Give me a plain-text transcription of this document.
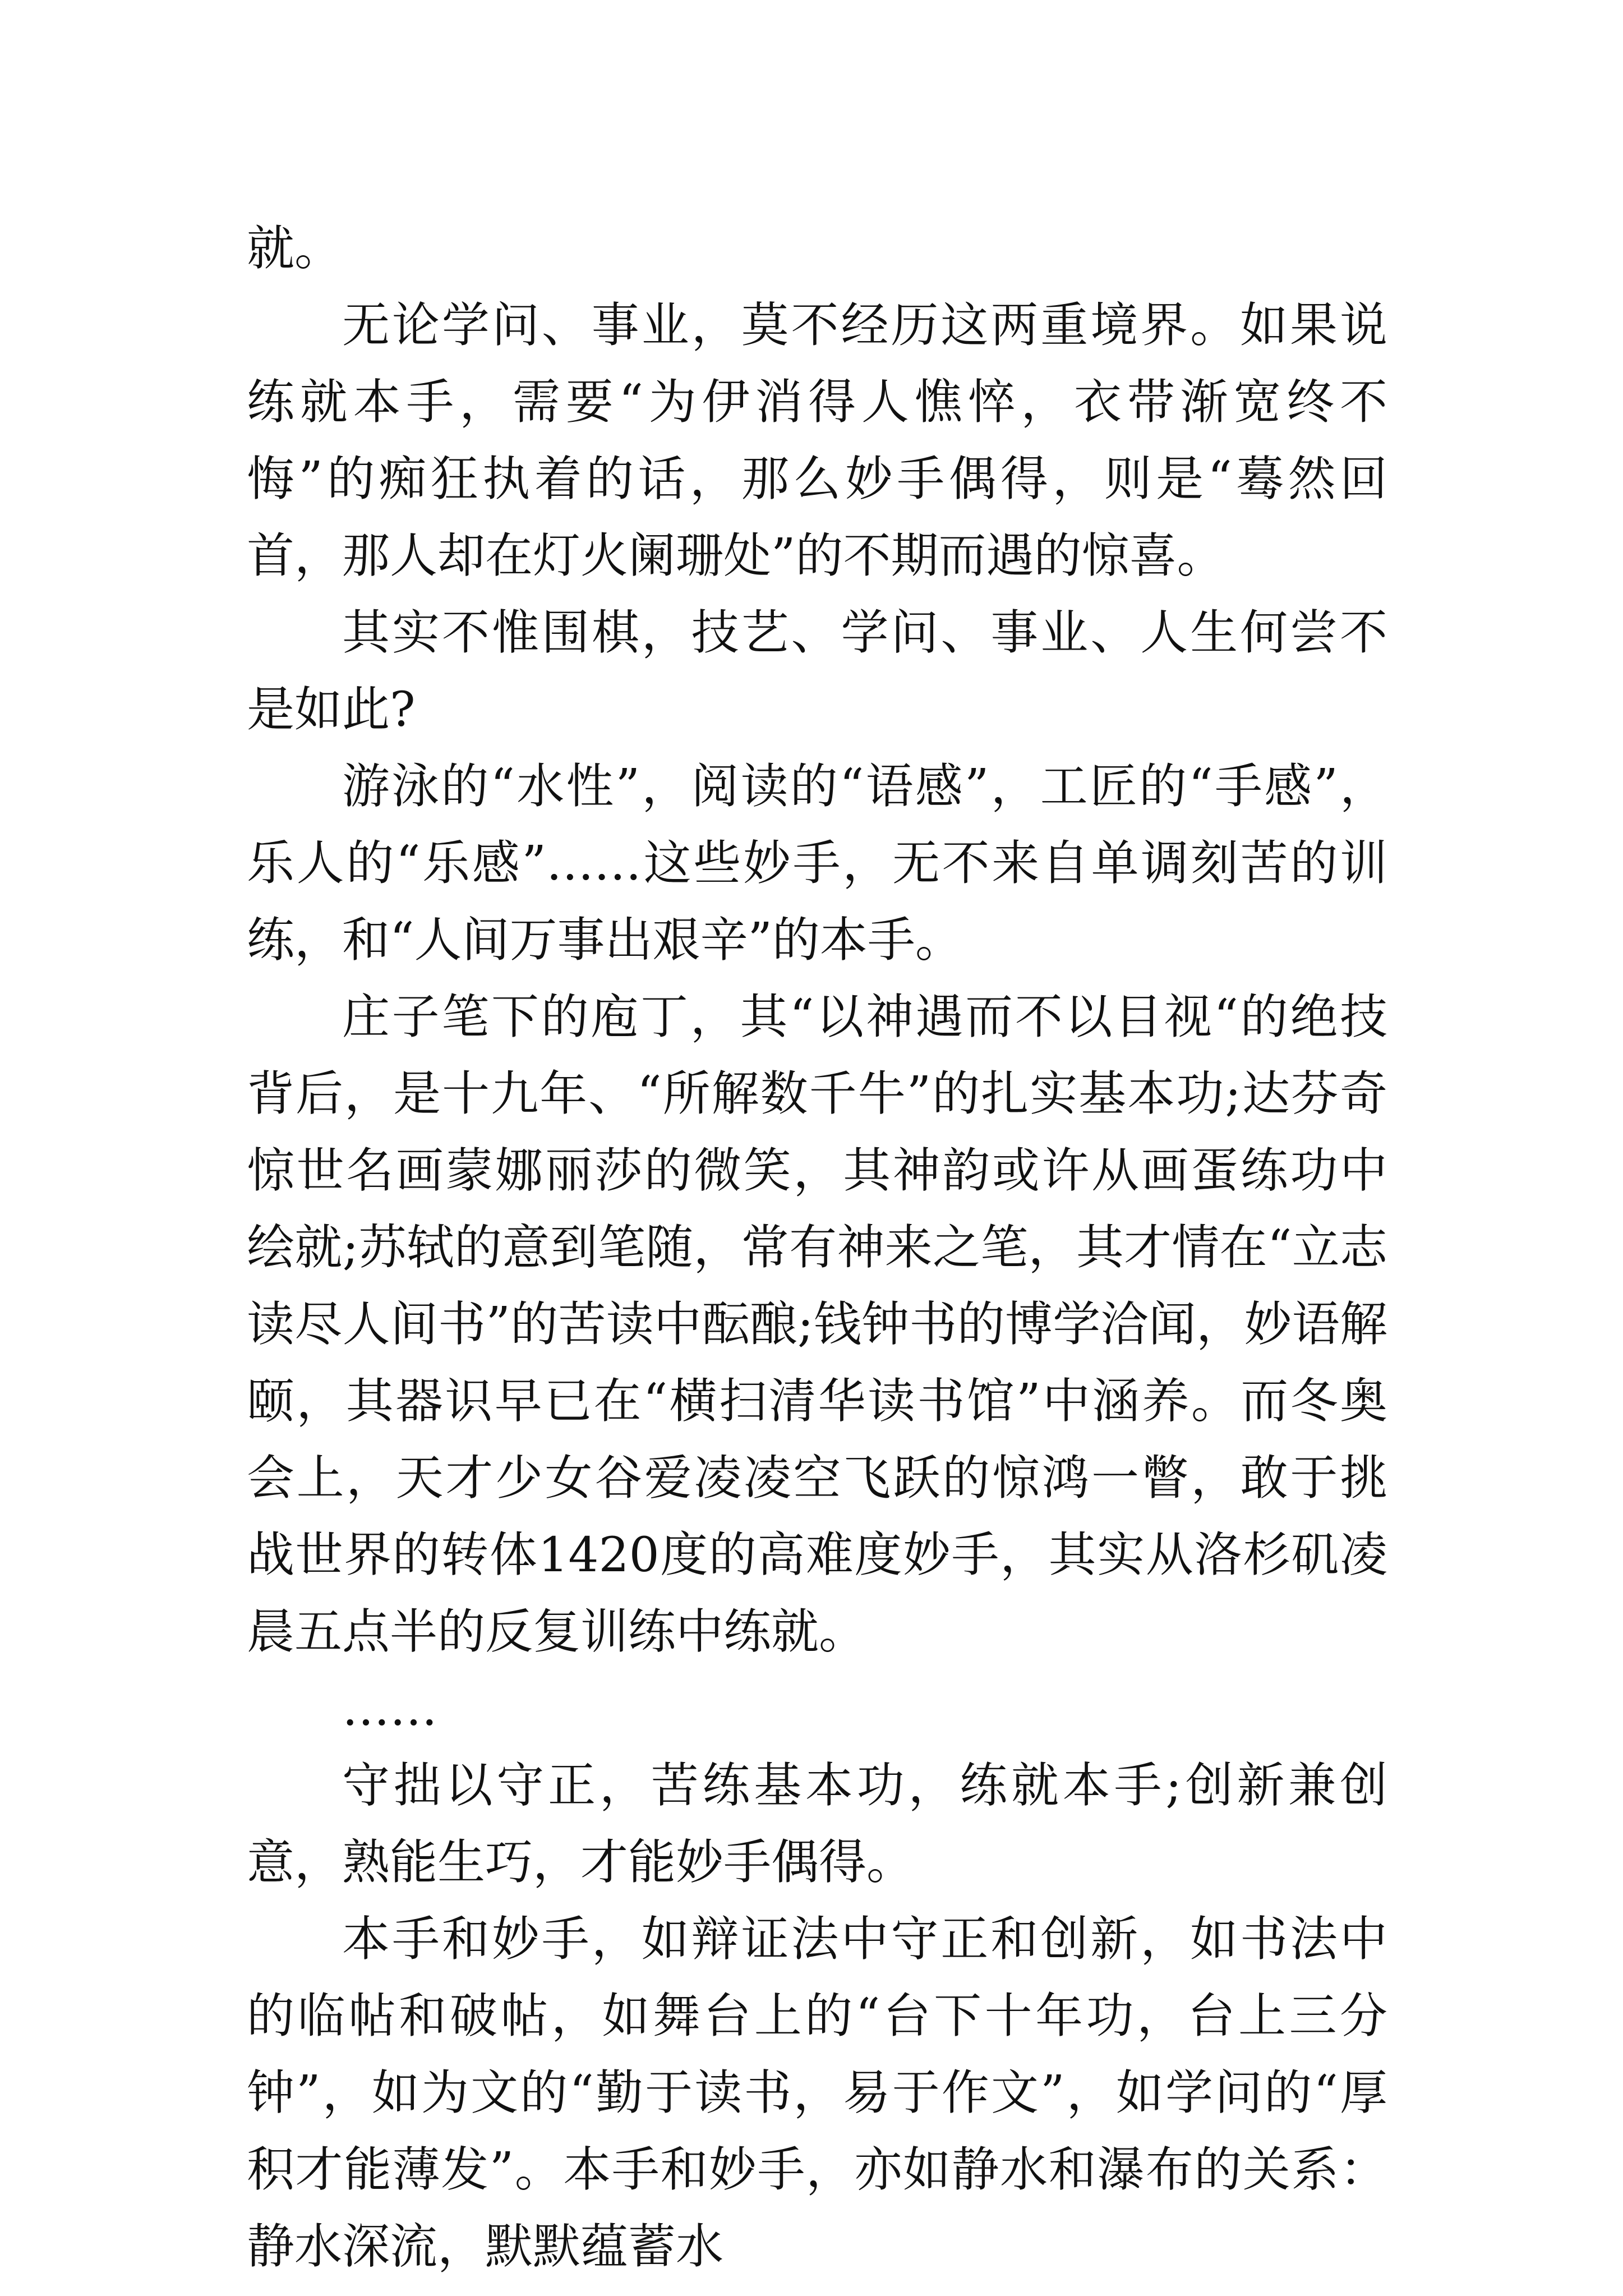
就。

无论学问、事业，莫不经历这两重境界。如果说练就本手，需要“为伊消得人憔悴，衣带渐宽终不悔”的痴狂执着的话，那么妙手偶得，则是“蓦然回首，那人却在灯火阑珊处”的不期而遇的惊喜。

其实不惟围棋，技艺、学问、事业、人生何尝不是如此?

游泳的“水性”，阅读的“语感”，工匠的“手感”，乐人的“乐感”……这些妙手，无不来自单调刻苦的训练，和“人间万事出艰辛”的本手。

庄子笔下的庖丁，其“以神遇而不以目视“的绝技背后，是十九年、“所解数千牛”的扎实基本功;达芬奇惊世名画蒙娜丽莎的微笑，其神韵或许从画蛋练功中绘就;苏轼的意到笔随，常有神来之笔，其才情在“立志读尽人间书”的苦读中酝酿;钱钟书的博学洽闻，妙语解颐，其器识早已在“横扫清华读书馆”中涵养。而冬奥会上，天才少女谷爱凌凌空飞跃的惊鸿一瞥，敢于挑战世界的转体1420度的高难度妙手，其实从洛杉矶凌晨五点半的反复训练中练就。

……

守拙以守正，苦练基本功，练就本手;创新兼创意，熟能生巧，才能妙手偶得。

本手和妙手，如辩证法中守正和创新，如书法中的临帖和破帖，如舞台上的“台下十年功，台上三分钟”，如为文的“勤于读书，易于作文”，如学问的“厚积才能薄发”。本手和妙手，亦如静水和瀑布的关系：静水深流，默默蕴蓄水
